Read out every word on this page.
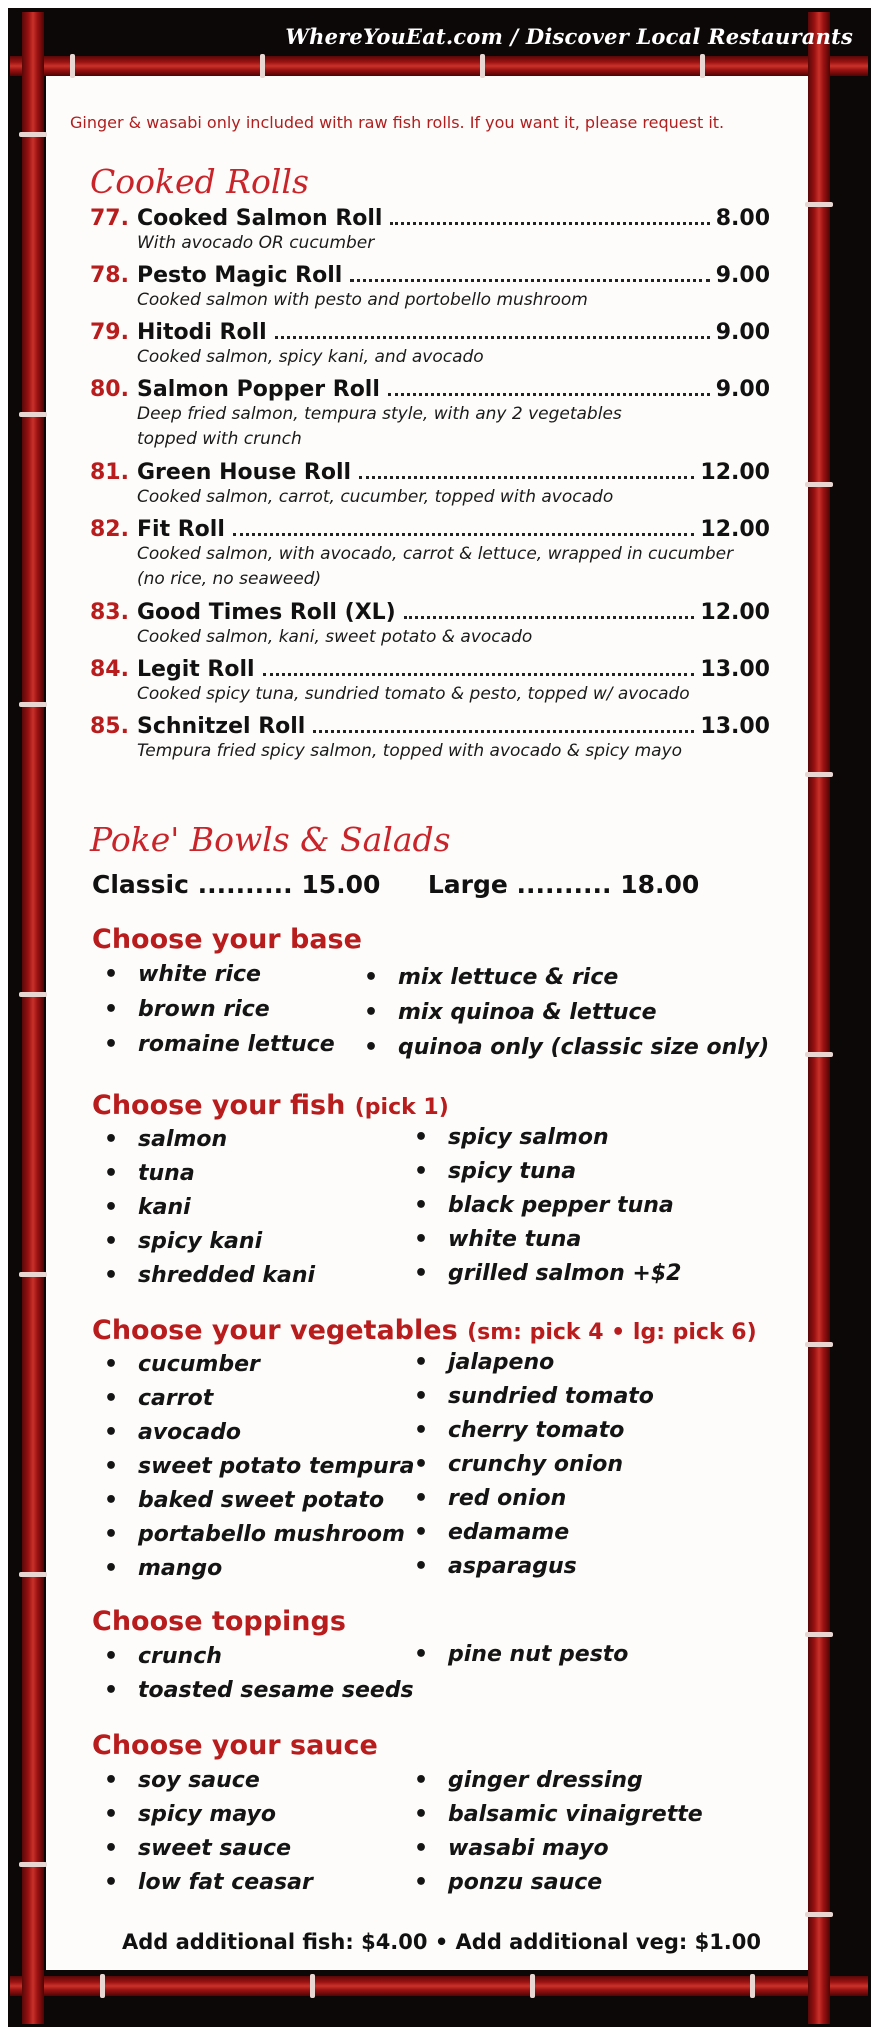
WhereYouEat.com / Discover Local Restaurants
Ginger & wasabi only included with raw fish rolls. If you want it, please request it.
Cooked Rolls
77. Cooked Salmon Roll	8.00
With avocado OR cucumber
78. Pesto Magic Roll	9.00
Cooked salmon with pesto and portobello mushroom
79. Hitodi Roll	9.00
Cooked salmon, spicy kani, and avocado
80. Salmon Popper Roll	9.00
Deep fried salmon, tempura style, with any 2 vegetables
topped with crunch
81. Green House Roll	12.00
Cooked salmon, carrot, cucumber, topped with avocado
82. Fit Roll	12.00
Cooked salmon, with avocado, carrot & lettuce, wrapped in cucumber
(no rice, no seaweed)
83. Good Times Roll (XL)	12.00
Cooked salmon, kani, sweet potato & avocado
84. Legit Roll	13.00
Cooked spicy tuna, sundried tomato & pesto, topped w/ avocado
85. Schnitzel Roll	13.00
Tempura fried spicy salmon, topped with avocado & spicy mayo
Poke' Bowls & Salads
Classic .......... 15.00 Large .......... 18.00
Choose your base
• white rice
• brown rice
• romaine lettuce
• mix lettuce & rice
• mix quinoa & lettuce
• quinoa only (classic size only)
Choose your fish (pick 1)
• salmon
• tuna
• kani
• spicy kani
• shredded kani
• spicy salmon
• spicy tuna
• black pepper tuna
• white tuna
• grilled salmon +$2
Choose your vegetables (sm: pick 4 • lg: pick 6)
• cucumber
• carrot
• avocado
• sweet potato tempura
• baked sweet potato
• portabello mushroom
• mango
• jalapeno
• sundried tomato
• cherry tomato
• crunchy onion
• red onion
• edamame
• asparagus
Choose toppings
• crunch
• toasted sesame seeds
• pine nut pesto
Choose your sauce
• soy sauce
• spicy mayo
• sweet sauce
• low fat ceasar
• ginger dressing
• balsamic vinaigrette
• wasabi mayo
• ponzu sauce
Add additional fish: $4.00 • Add additional veg: $1.00
